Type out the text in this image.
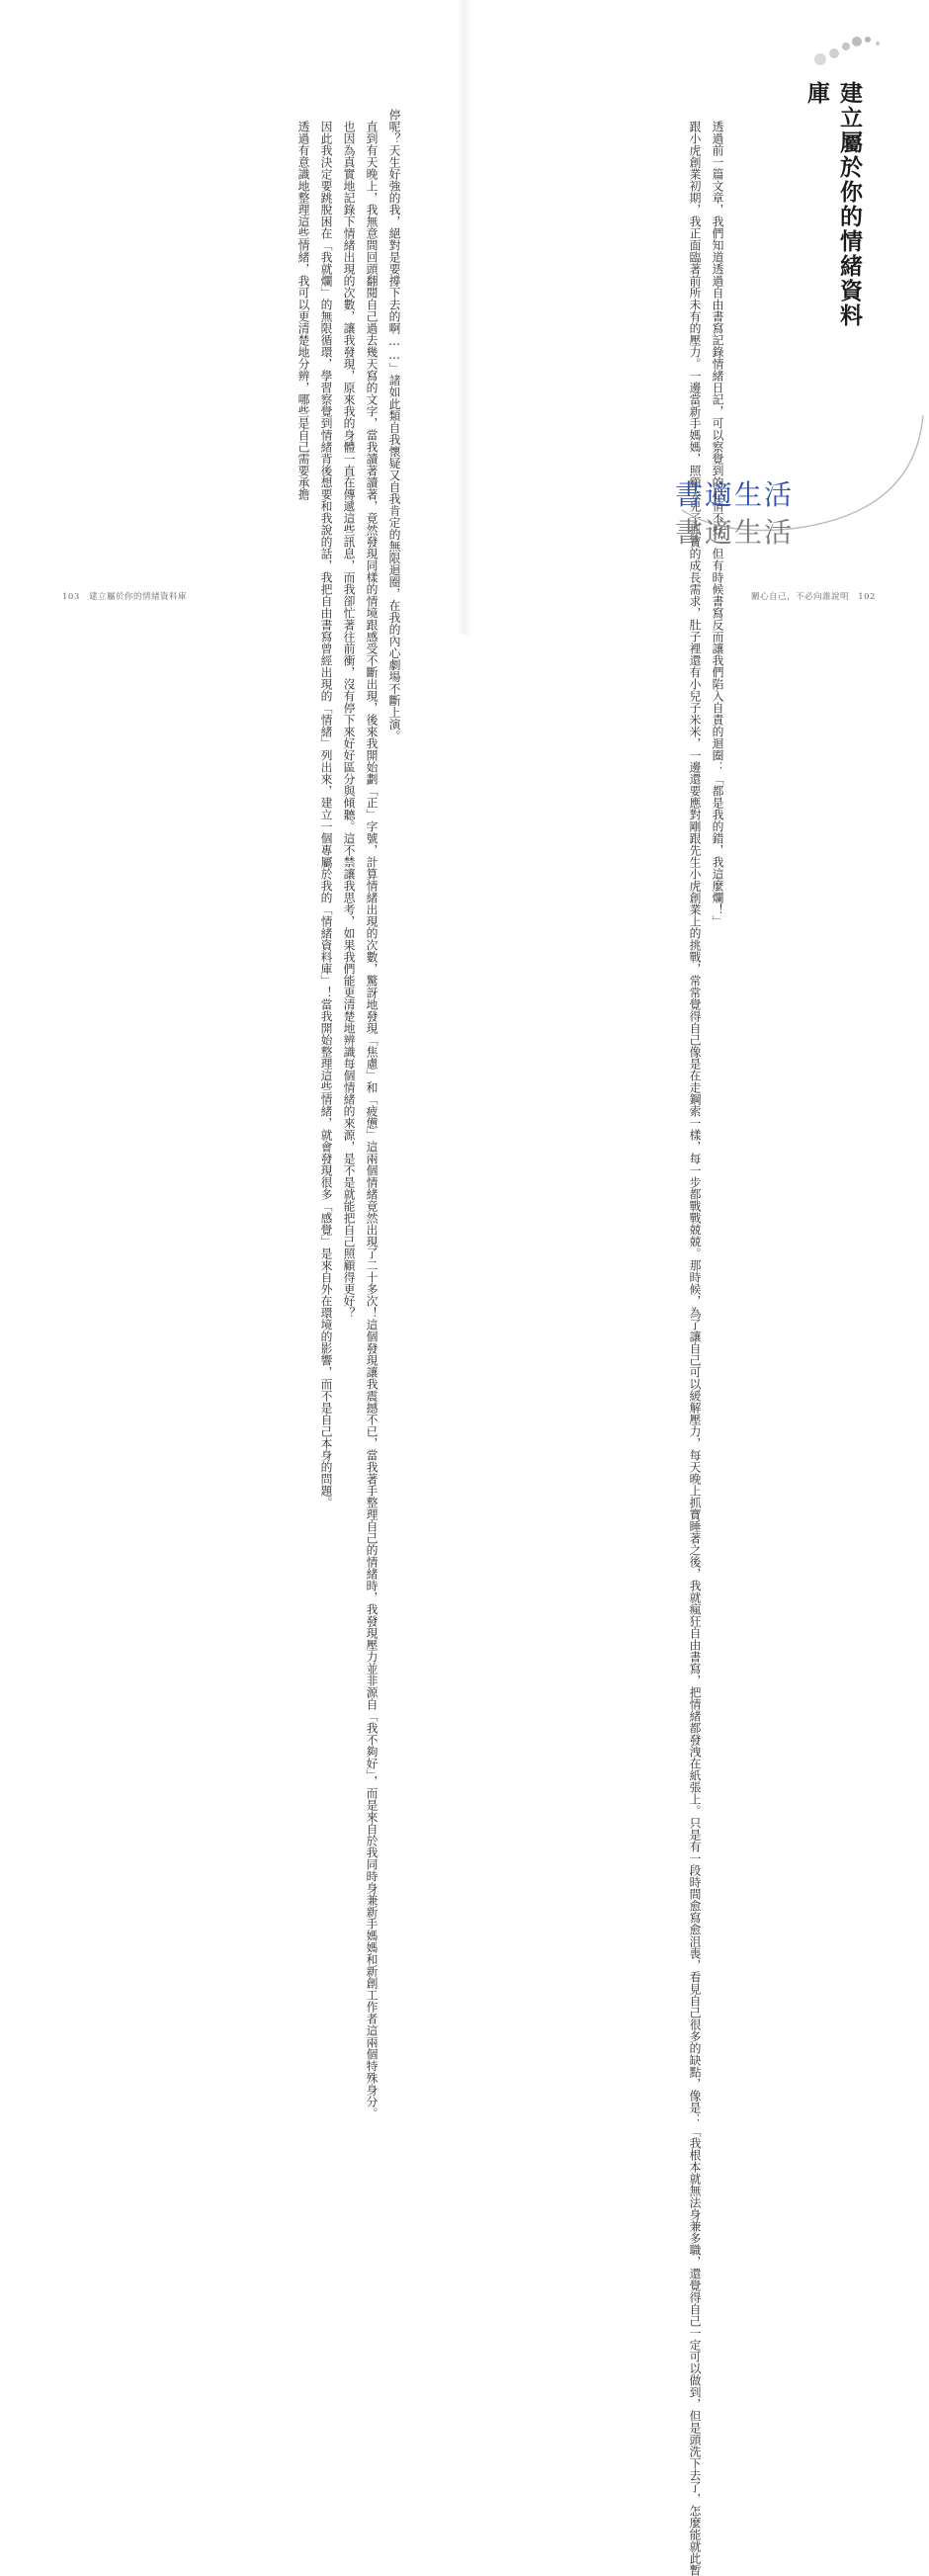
停呢？天生好強的我，絕對是要撐下去的啊……」諸如此類自我懷疑又自我肯定的無限迴圈，在我的內心劇場不斷上演。

　直到有天晚上，我無意間回頭翻閱自己過去幾天寫的文字，當我讀著讀著，竟然發現同樣的情境跟感受不斷出現，後來我開始劃「正」字號，計算情緒出現的次數，驚訝地發現「焦慮」和「疲憊」這兩個情緒竟然出現了二十多次！這個發現讓我震撼不已，當我著手整理自己的情緒時，我發現壓力並非源自「我不夠好」，而是來自於我同時身兼新手媽媽和新創工作者這兩個特殊身分。

　也因為真實地記錄下情緒出現的次數，讓我發現，原來我的身體一直在傳遞這些訊息，而我卻忙著往前衝，沒有停下來好好區分與傾聽。這不禁讓我思考，如果我們能更清楚地辨識每個情緒的來源，是不是就能把自己照顧得更好？

　因此我決定要跳脫困在「我就爛」的無限循環，學習察覺到情緒背後想要和我說的話，我把自由書寫曾經出現的「情緒」列出來，建立一個專屬於我的「情緒資料庫」！當我開始整理這些情緒，就會發現很多「感覺」是來自外在環境的影響，而不是自己本身的問題。

　透過有意識地整理這些情緒，我可以更清楚地分辨，哪些是自己需要承擔	　透過前一篇文章，我們知道透過自由書寫記錄情緒日記，可以察覺到的心情不好，但有時候書寫反而讓我們陷入自責的迴圈：「都是我的錯，我這麼爛！」

　跟小虎創業初期，我正面臨著前所未有的壓力。一邊當新手媽媽，照顧大兒子抓寶的成長需求，肚子裡還有小兒子米米，一邊還要應對剛跟先生小虎創業上的挑戰，常常覺得自己像是在走鋼索一樣，每一步都戰戰兢兢。那時候，為了讓自己可以緩解壓力，每天晚上抓寶睡著之後，我就瘋狂自由書寫，把情緒都發洩在紙張上。只是有一段時間愈寫愈沮喪，看見自己很多的缺點，像是：「我根本就無法身兼多職，還覺得自己一定可以做到，但是頭洗下去了，怎麼能就此暫	建立屬於你的情緒資料庫
書適生活
書適生活
103 建立屬於你的情緒資料庫	關心自己，不必向誰說明 102
